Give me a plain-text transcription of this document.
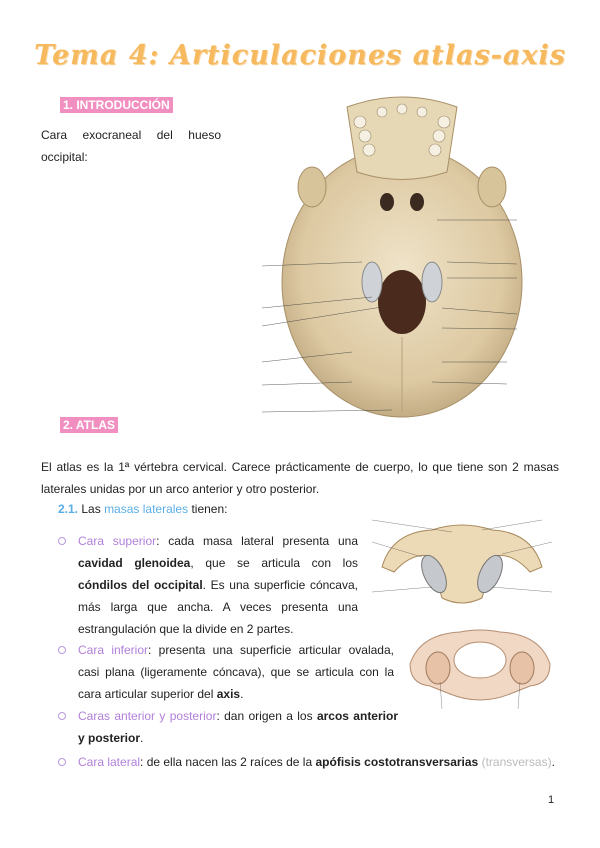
Tema 4: Articulaciones atlas-axis
1. INTRODUCCIÓN

Cara exocraneal del hueso occipital:

2. ATLAS

El atlas es la 1ª vértebra cervical. Carece prácticamente de cuerpo, lo que tiene son 2 masas laterales unidas por un arco anterior y otro posterior.

2.1. Las masas laterales tienen:
Cara superior: cada masa lateral presenta una cavidad glenoidea, que se articula con los cóndilos del occipital. Es una superficie cóncava, más larga que ancha. A veces presenta una estrangulación que la divide en 2 partes.
Cara inferior: presenta una superficie articular ovalada, casi plana (ligeramente cóncava), que se articula con la cara articular superior del axis.
Caras anterior y posterior: dan origen a los arcos anterior y posterior.
Cara lateral: de ella nacen las 2 raíces de la apófisis costotransversarias (transversas).
1
